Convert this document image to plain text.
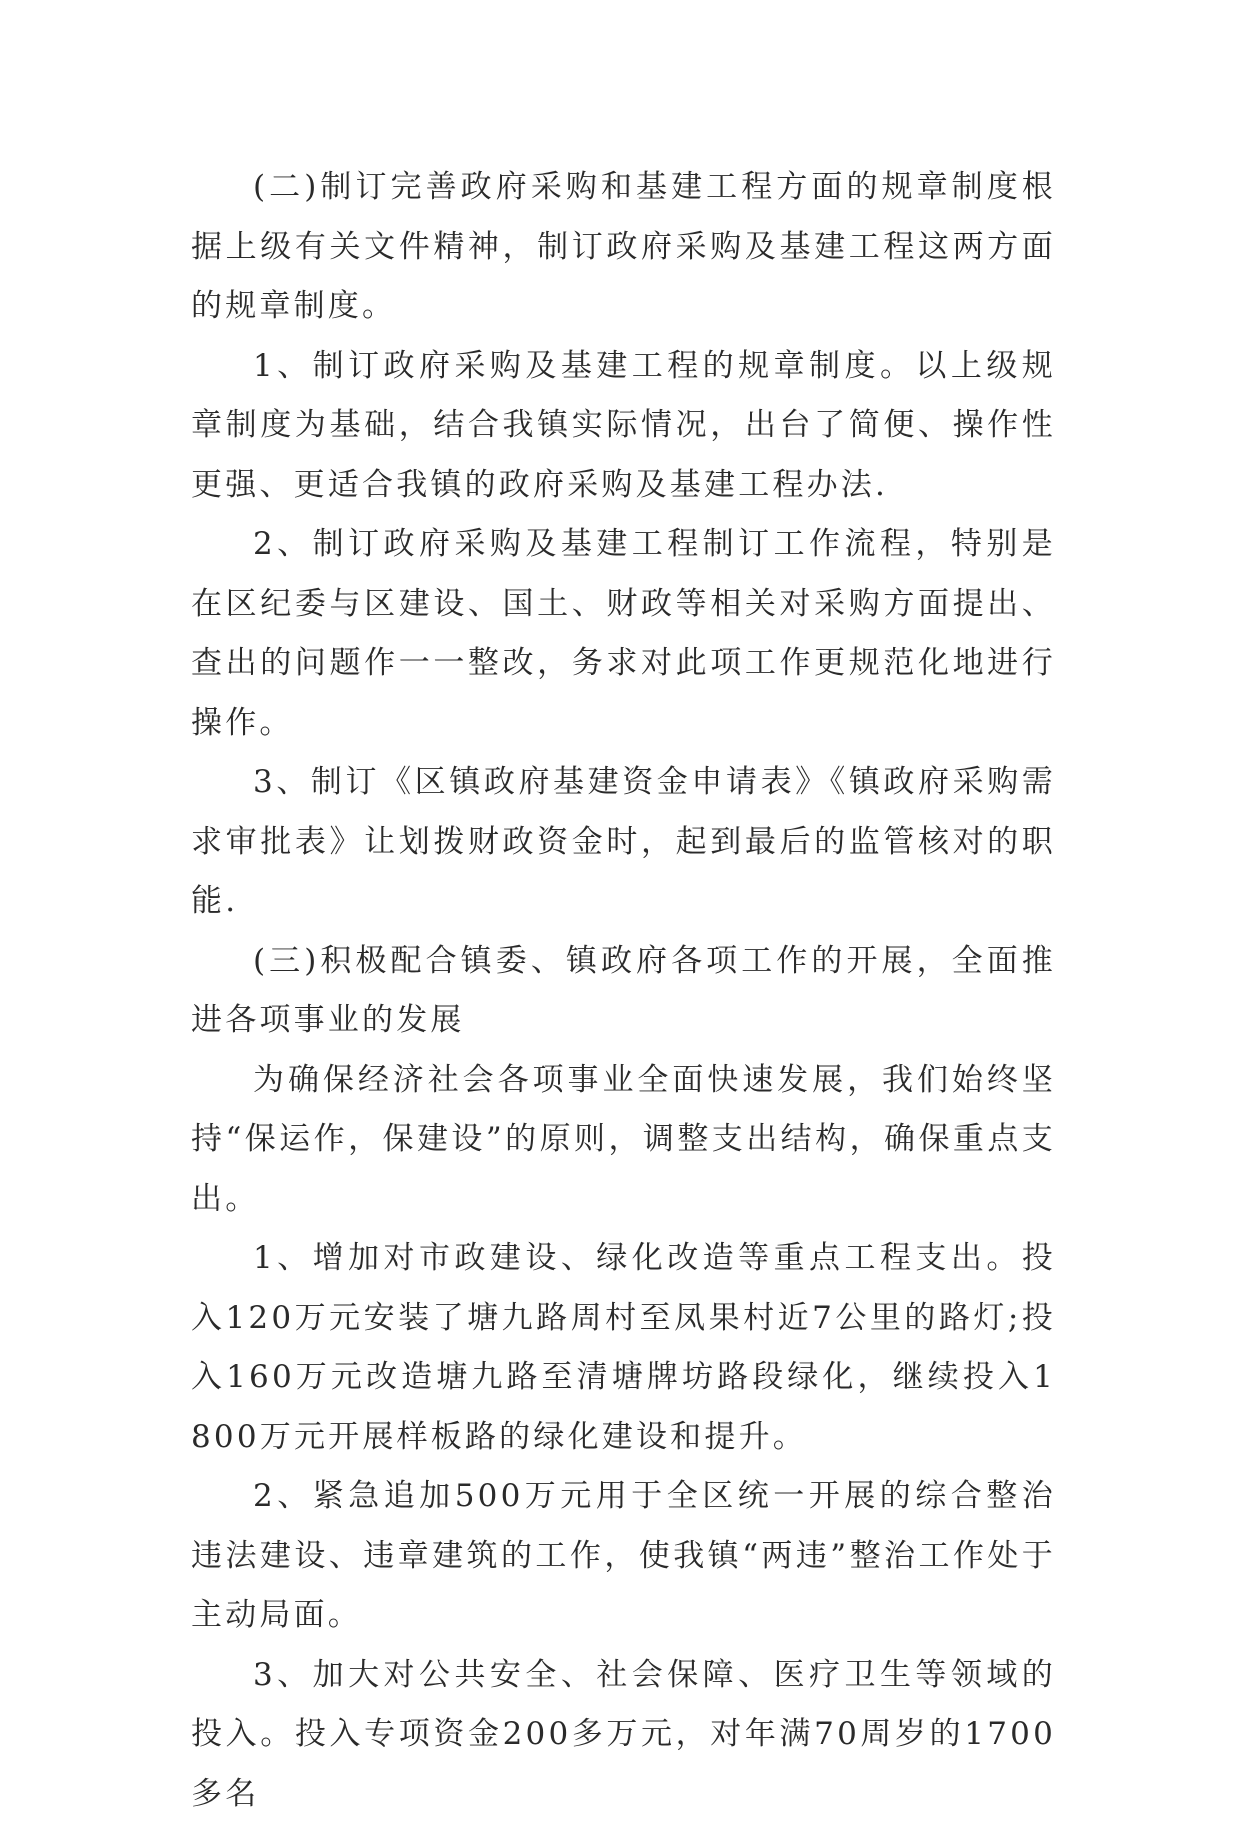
(二)制订完善政府采购和基建工程方面的规章制度根据上级有关文件精神，制订政府采购及基建工程这两方面的规章制度。

1、制订政府采购及基建工程的规章制度。以上级规章制度为基础，结合我镇实际情况，出台了简便、操作性更强、更适合我镇的政府采购及基建工程办法.

2、制订政府采购及基建工程制订工作流程，特别是在区纪委与区建设、国土、财政等相关对采购方面提出、查出的问题作一一整改，务求对此项工作更规范化地进行操作。

3、制订《区镇政府基建资金申请表》《镇政府采购需求审批表》让划拨财政资金时，起到最后的监管核对的职能.

(三)积极配合镇委、镇政府各项工作的开展，全面推进各项事业的发展

为确保经济社会各项事业全面快速发展，我们始终坚持“保运作，保建设”的原则，调整支出结构，确保重点支出。

1、增加对市政建设、绿化改造等重点工程支出。投入120万元安装了塘九路周村至凤果村近7公里的路灯;投入160万元改造塘九路至清塘牌坊路段绿化，继续投入1800万元开展样板路的绿化建设和提升。

2、紧急追加500万元用于全区统一开展的综合整治违法建设、违章建筑的工作，使我镇“两违”整治工作处于主动局面。

3、加大对公共安全、社会保障、医疗卫生等领域的投入。投入专项资金200多万元，对年满70周岁的1700多名
